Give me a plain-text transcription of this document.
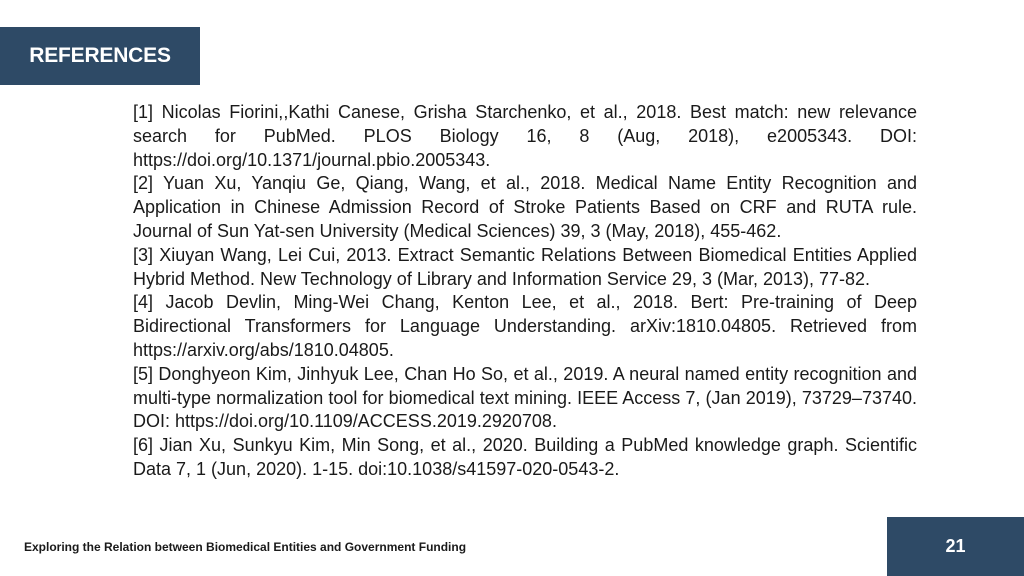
REFERENCES

[1] Nicolas Fiorini,,Kathi Canese, Grisha Starchenko, et al., 2018. Best match: new relevance search for PubMed. PLOS Biology 16, 8 (Aug, 2018), e2005343. DOI: https://doi.org/10.1371/journal.pbio.2005343.

[2] Yuan Xu, Yanqiu Ge, Qiang, Wang, et al., 2018. Medical Name Entity Recognition and Application in Chinese Admission Record of Stroke Patients Based on CRF and RUTA rule. Journal of Sun Yat-sen University (Medical Sciences) 39, 3 (May, 2018), 455-462.

[3] Xiuyan Wang, Lei Cui, 2013. Extract Semantic Relations Between Biomedical Entities Applied Hybrid Method. New Technology of Library and Information Service 29, 3 (Mar, 2013), 77-82.

[4] Jacob Devlin, Ming-Wei Chang, Kenton Lee, et al., 2018. Bert: Pre-training of Deep Bidirectional Transformers for Language Understanding. arXiv:1810.04805. Retrieved from https://arxiv.org/abs/1810.04805.

[5] Donghyeon Kim, Jinhyuk Lee, Chan Ho So, et al., 2019. A neural named entity recognition and multi-type normalization tool for biomedical text mining. IEEE Access 7, (Jan 2019), 73729–73740. DOI: https://doi.org/10.1109/ACCESS.2019.2920708.

[6] Jian Xu, Sunkyu Kim, Min Song, et al., 2020. Building a PubMed knowledge graph. Scientific Data 7, 1 (Jun, 2020). 1-15. doi:10.1038/s41597-020-0543-2.

Exploring the Relation between Biomedical Entities and Government Funding	21
